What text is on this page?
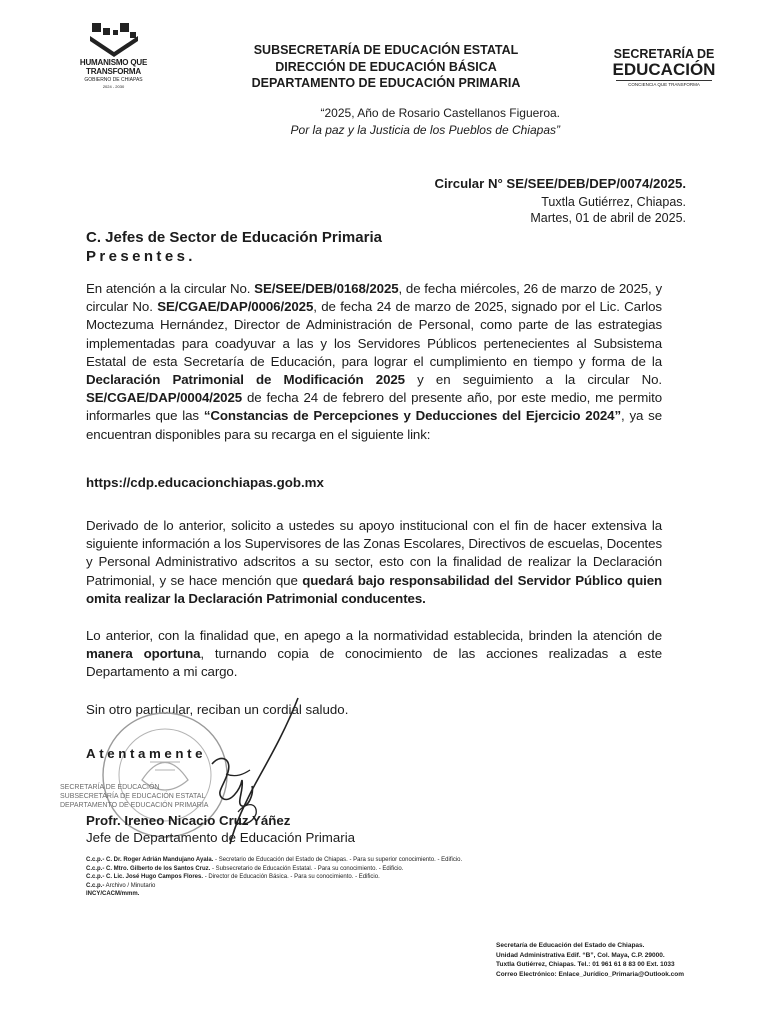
HUMANISMO QUE
TRANSFORMA
GOBIERNO DE CHIAPAS
2024 - 2030
SUBSECRETARÍA DE EDUCACIÓN ESTATAL
DIRECCIÓN DE EDUCACIÓN BÁSICA
DEPARTAMENTO DE EDUCACIÓN PRIMARIA
SECRETARÍA DE
EDUCACIÓN
CONCIENCIA QUE TRANSFORMA
“2025, Año de Rosario Castellanos Figueroa.
Por la paz y la Justicia de los Pueblos de Chiapas”
Circular N° SE/SEE/DEB/DEP/0074/2025.
Tuxtla Gutiérrez, Chiapas.
Martes, 01 de abril de 2025.
C. Jefes de Sector de Educación Primaria
Presentes.
En atención a la circular No. SE/SEE/DEB/0168/2025, de fecha miércoles, 26 de marzo de 2025, y circular No. SE/CGAE/DAP/0006/2025, de fecha 24 de marzo de 2025, signado por el Lic. Carlos Moctezuma Hernández, Director de Administración de Personal, como parte de las estrategias implementadas para coadyuvar a las y los Servidores Públicos pertenecientes al Subsistema Estatal de esta Secretaría de Educación, para lograr el cumplimiento en tiempo y forma de la Declaración Patrimonial de Modificación 2025 y en seguimiento a la circular No. SE/CGAE/DAP/0004/2025 de fecha 24 de febrero del presente año, por este medio, me permito informarles que las “Constancias de Percepciones y Deducciones del Ejercicio 2024”, ya se encuentran disponibles para su recarga en el siguiente link:
https://cdp.educacionchiapas.gob.mx
Derivado de lo anterior, solicito a ustedes su apoyo institucional con el fin de hacer extensiva la siguiente información a los Supervisores de las Zonas Escolares, Directivos de escuelas, Docentes y Personal Administrativo adscritos a su sector, esto con la finalidad de realizar la Declaración Patrimonial, y se hace mención que quedará bajo responsabilidad del Servidor Público quien omita realizar la Declaración Patrimonial conducentes.
Lo anterior, con la finalidad que, en apego a la normatividad establecida, brinden la atención de manera oportuna, turnando copia de conocimiento de las acciones realizadas a este Departamento a mi cargo.
Sin otro particular, reciban un cordial saludo.
SECRETARÍA DE EDUCACIÓN
SUBSECRETARÍA DE EDUCACIÓN ESTATAL
DEPARTAMENTO DE EDUCACIÓN PRIMARIA
Atentamente
Profr. Ireneo Nicacio Cruz Yáñez
Jefe de Departamento de Educación Primaria
C.c.p.- C. Dr. Roger Adrián Mandujano Ayala. - Secretario de Educación del Estado de Chiapas. - Para su superior conocimiento. - Edificio.
C.c.p.- C. Mtro. Gilberto de los Santos Cruz. - Subsecretario de Educación Estatal. - Para su conocimiento. - Edificio.
C.c.p.- C. Lic. José Hugo Campos Flores. - Director de Educación Básica. - Para su conocimiento. - Edificio.
C.c.p.- Archivo / Minutario
INCY/CACM/mmm.
Secretaría de Educación del Estado de Chiapas.
Unidad Administrativa Edif. “B”, Col. Maya, C.P. 29000.
Tuxtla Gutiérrez, Chiapas. Tel.: 01 961 61 8 83 00 Ext. 1033
Correo Electrónico: Enlace_Jurídico_Primaria@Outlook.com
